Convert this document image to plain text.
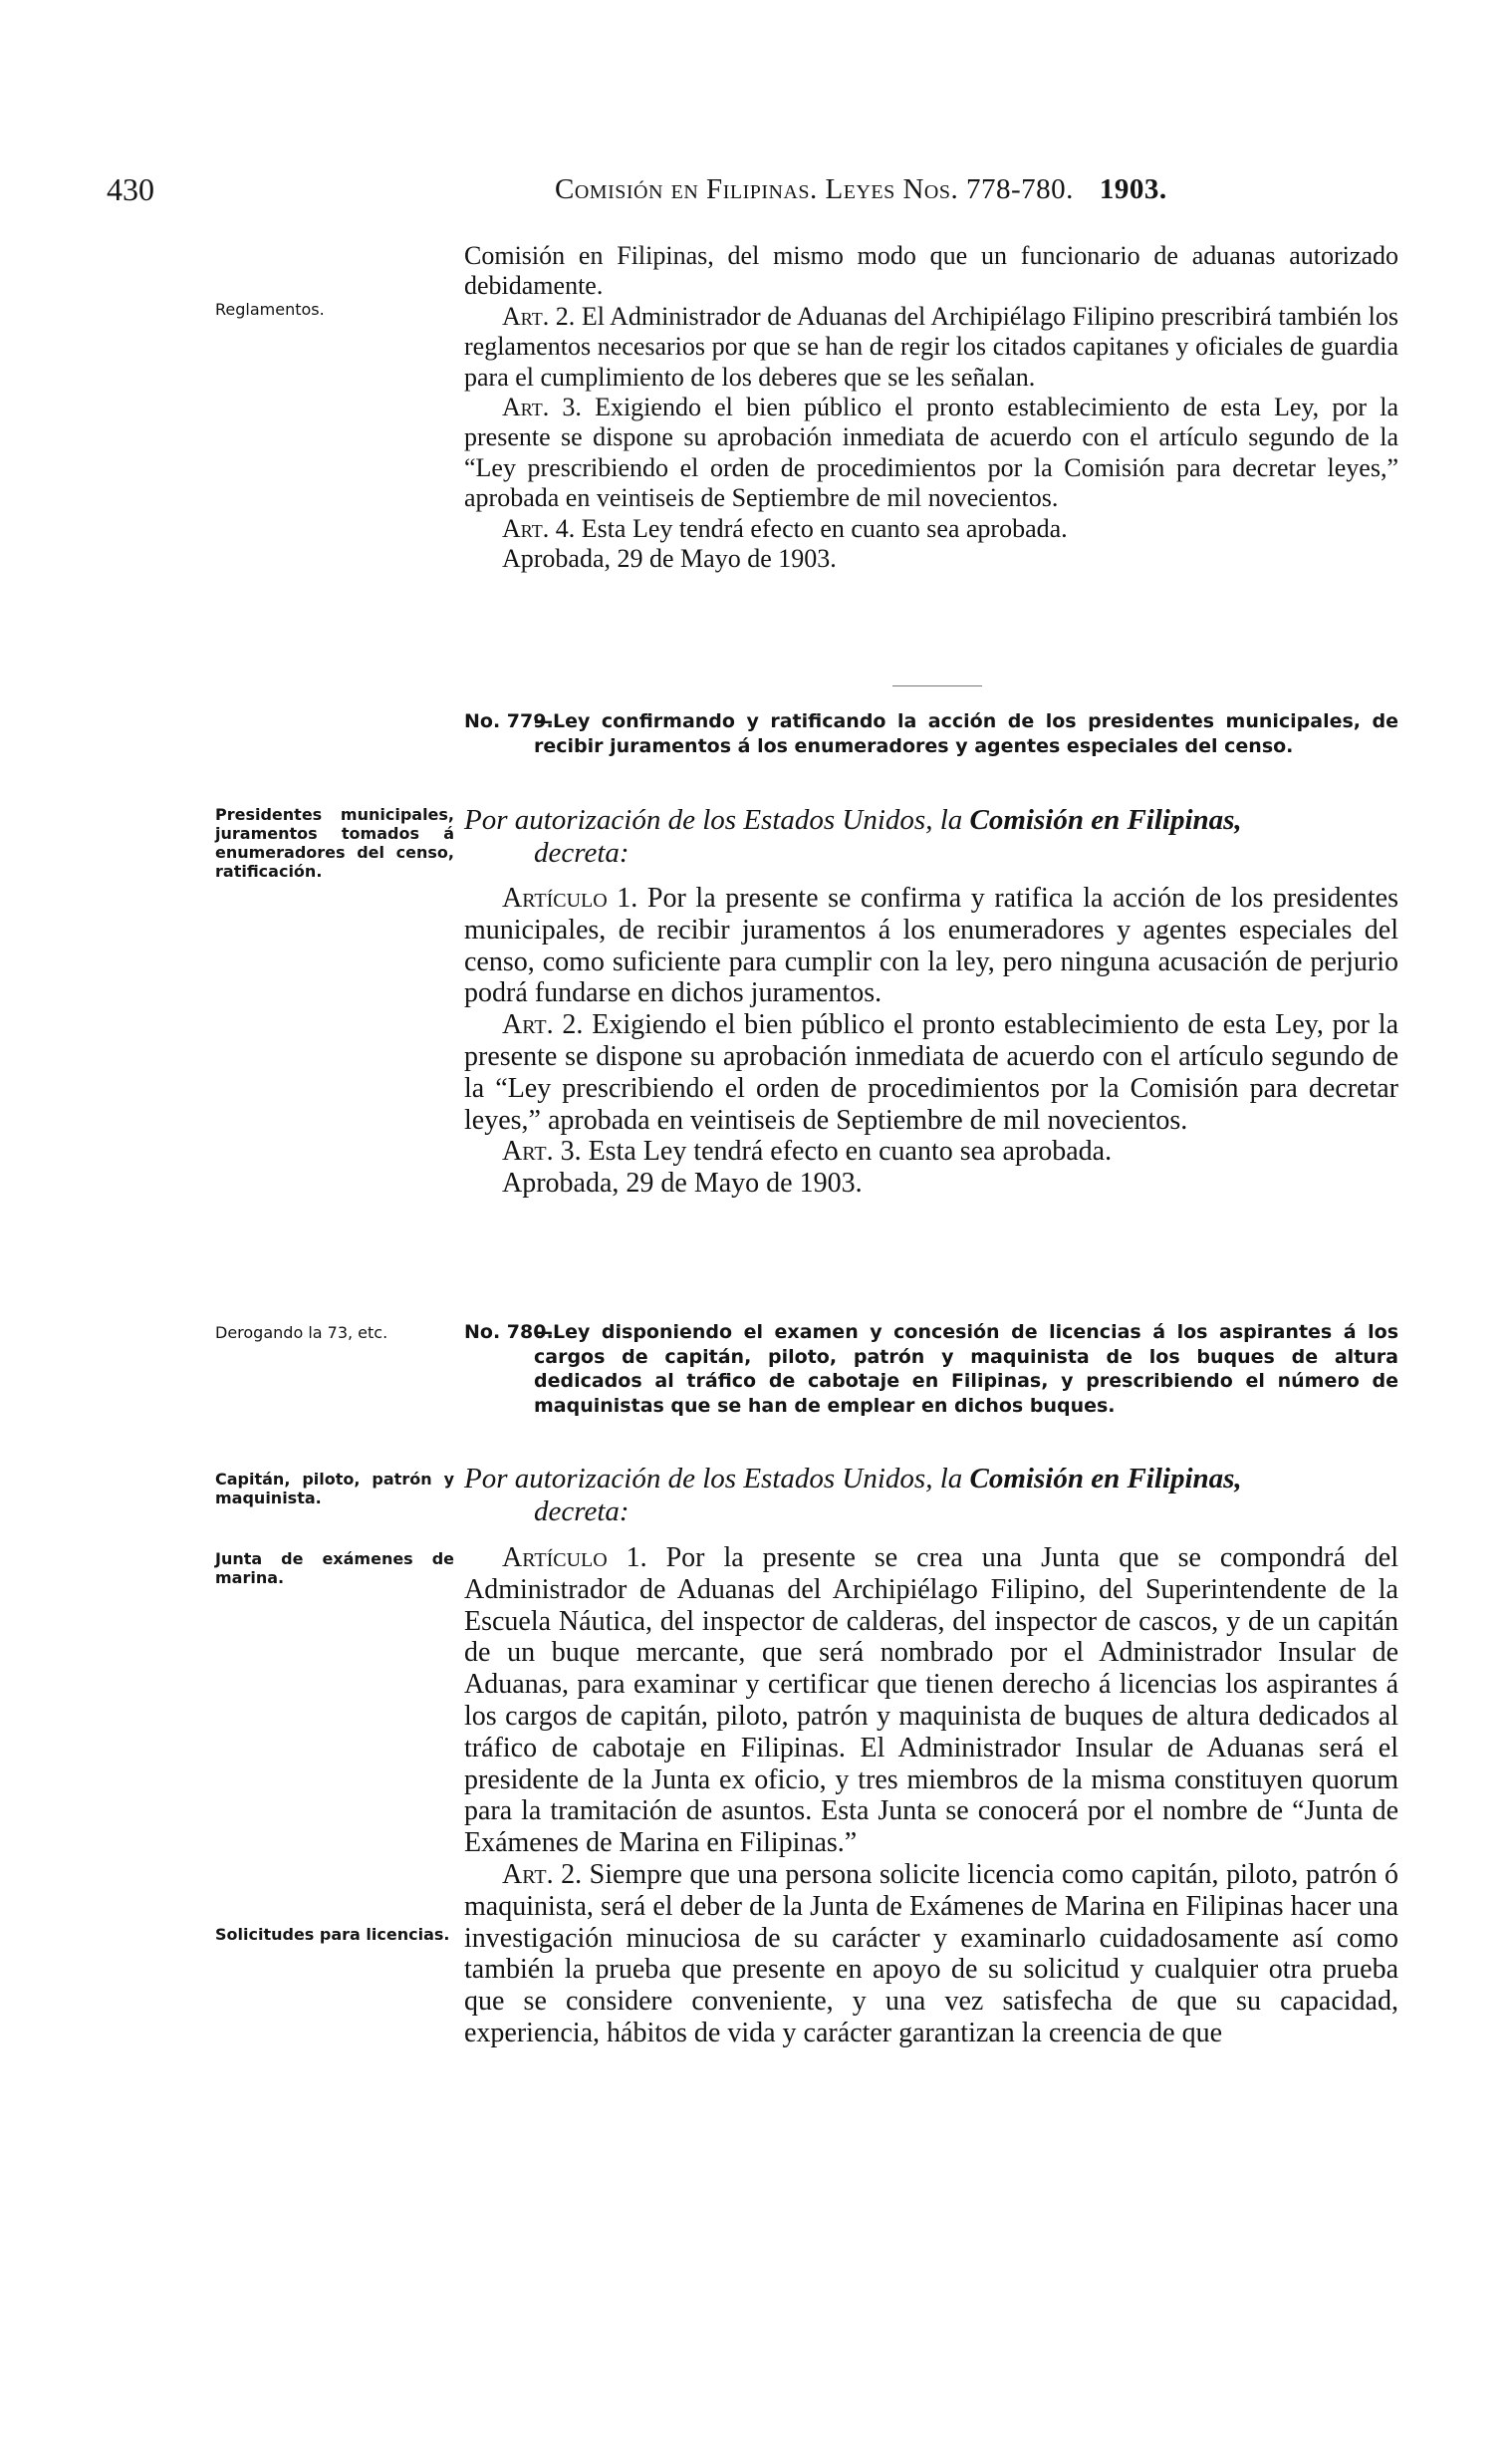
430	Comisión en Filipinas. Leyes Nos. 778-780. 1903.

Reglamentos.

Comisión en Filipinas, del mismo modo que un funcionario de aduanas autorizado debidamente.

Art. 2. El Administrador de Aduanas del Archipiélago Filipino prescribirá también los reglamentos necesarios por que se han de regir los citados capitanes y oficiales de guardia para el cumplimiento de los deberes que se les señalan.

Art. 3. Exigiendo el bien público el pronto establecimiento de esta Ley, por la presente se dispone su aprobación inmediata de acuerdo con el artículo segundo de la “Ley prescribiendo el orden de procedimientos por la Comisión para decretar leyes,” aprobada en veintiseis de Septiembre de mil novecientos.

Art. 4. Esta Ley tendrá efecto en cuanto sea aprobada.

Aprobada, 29 de Mayo de 1903.

No. 779.
—Ley confirmando y ratificando la acción de los presidentes municipales, de recibir juramentos á los enumeradores y agentes especiales del censo.

Presidentes municipales, juramentos tomados á enumeradores del censo, ratificación.

Por autorización de los Estados Unidos, la Comisión en Filipinas,
decreta:

Artículo 1. Por la presente se confirma y ratifica la acción de los presidentes municipales, de recibir juramentos á los enumeradores y agentes especiales del censo, como suficiente para cumplir con la ley, pero ninguna acusación de perjurio podrá fundarse en dichos juramentos.

Art. 2. Exigiendo el bien público el pronto establecimiento de esta Ley, por la presente se dispone su aprobación inmediata de acuerdo con el artículo segundo de la “Ley prescribiendo el orden de procedimientos por la Comisión para decretar leyes,” aprobada en veintiseis de Septiembre de mil novecientos.

Art. 3. Esta Ley tendrá efecto en cuanto sea aprobada.

Aprobada, 29 de Mayo de 1903.

Derogando la 73, etc.	No. 780.
—Ley disponiendo el examen y concesión de licencias á los aspirantes á los cargos de capitán, piloto, patrón y maquinista de los buques de altura dedicados al tráfico de cabotaje en Filipinas, y prescribiendo el número de maquinistas que se han de emplear en dichos buques.

Capitán, piloto, patrón y maquinista.

Por autorización de los Estados Unidos, la Comisión en Filipinas,
decreta:

Junta de exámenes de marina.

Solicitudes para licencias.

Artículo 1. Por la presente se crea una Junta que se compondrá del Administrador de Aduanas del Archipiélago Filipino, del Superintendente de la Escuela Náutica, del inspector de calderas, del inspector de cascos, y de un capitán de un buque mercante, que será nombrado por el Administrador Insular de Aduanas, para examinar y certificar que tienen derecho á licencias los aspirantes á los cargos de capitán, piloto, patrón y maquinista de buques de altura dedicados al tráfico de cabotaje en Filipinas. El Administrador Insular de Aduanas será el presidente de la Junta ex oficio, y tres miembros de la misma constituyen quorum para la tramitación de asuntos. Esta Junta se conocerá por el nombre de “Junta de Exámenes de Marina en Filipinas.”

Art. 2. Siempre que una persona solicite licencia como capitán, piloto, patrón ó maquinista, será el deber de la Junta de Exámenes de Marina en Filipinas hacer una investigación minuciosa de su carácter y examinarlo cuidadosamente así como también la prueba que presente en apoyo de su solicitud y cualquier otra prueba que se considere conveniente, y una vez satisfecha de que su capacidad, experiencia, hábitos de vida y carácter garantizan la creencia de que
